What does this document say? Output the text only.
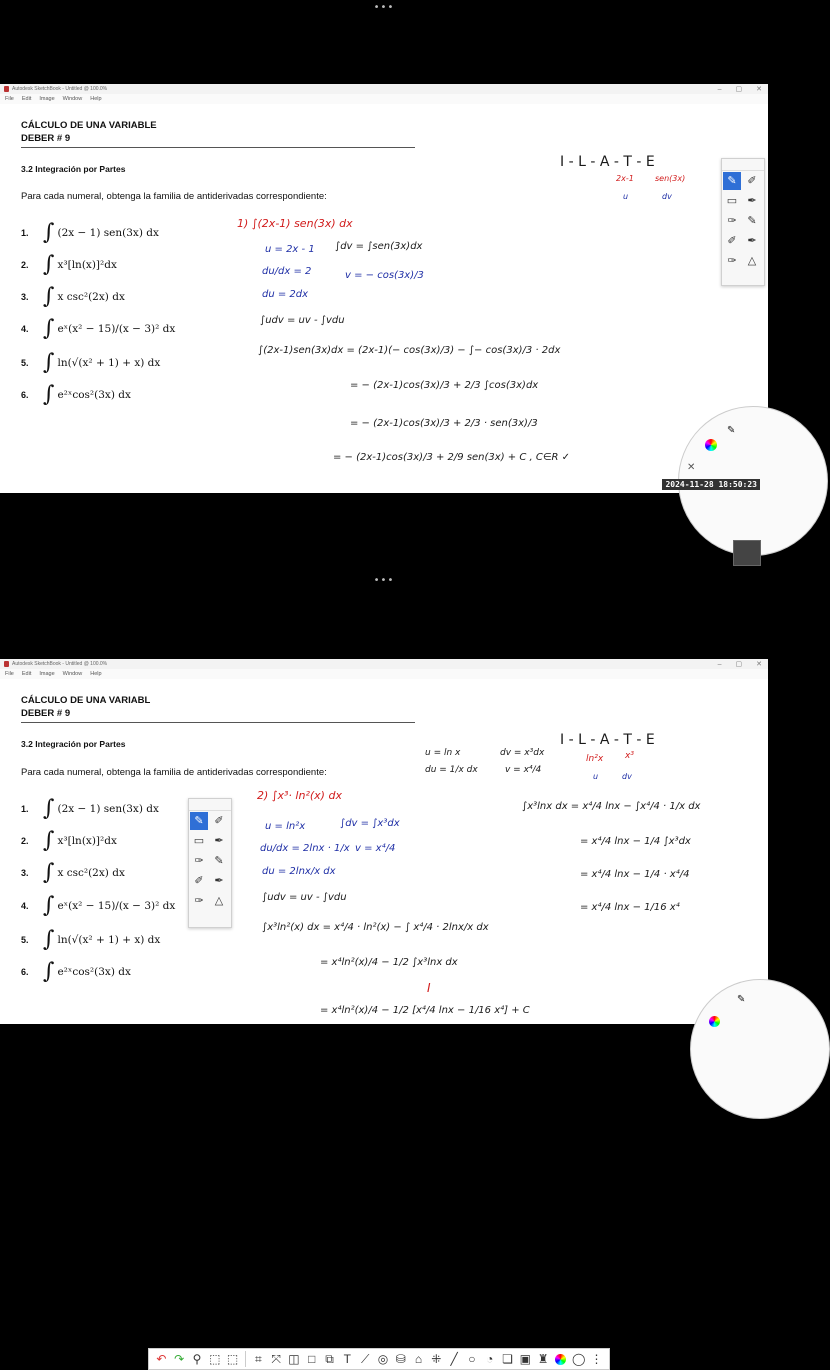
•••
Autodesk SketchBook - Untitled @ 100.0%	– ▢ ✕
File Edit Image Window Help
CÁLCULO DE UNA VARIABLE
DEBER # 9
3.2 Integración por Partes
Para cada numeral, obtenga la familia de antiderivadas correspondiente:
1. ∫ (2x − 1) sen(3x) dx
2. ∫ x³[ln(x)]²dx
3. ∫ x csc²(2x) dx
4. ∫ eˣ(x² − 15)/(x − 3)² dx
5. ∫ ln(√(x² + 1) + x) dx
6. ∫ e²ˣcos²(3x) dx
I - L - A - T - E
2x-1	sen(3x)
u	dv
1) ∫(2x-1) sen(3x) dx
u = 2x - 1 ∫dv = ∫sen(3x)dx
du/dx = 2	v = − cos(3x)/3
du = 2dx
∫udv = uv - ∫vdu
∫(2x-1)sen(3x)dx = (2x-1)(− cos(3x)/3) − ∫− cos(3x)/3 · 2dx
= − (2x-1)cos(3x)/3 + 2/3 ∫cos(3x)dx
= − (2x-1)cos(3x)/3 + 2/3 · sen(3x)/3
= − (2x-1)cos(3x)/3 + 2/9 sen(3x) + C , C∈R ✓
✎ ✐ ▭ ✒ ✑ ✎ ✐ ✒ ✑ △
✎
✕
2024-11-28 18:50:23
•••
Autodesk SketchBook - Untitled @ 100.0%	– ▢ ✕
File Edit Image Window Help
CÁLCULO DE UNA VARIABL
DEBER # 9
3.2 Integración por Partes
Para cada numeral, obtenga la familia de antiderivadas correspondiente:
1. ∫ (2x − 1) sen(3x) dx
2. ∫ x³[ln(x)]²dx
3. ∫ x csc²(2x) dx
4. ∫ eˣ(x² − 15)/(x − 3)² dx
5. ∫ ln(√(x² + 1) + x) dx
6. ∫ e²ˣcos²(3x) dx
↶ ↷ ⚲ ⬚ ⬚	⌗ ⤧ ◫ □ ⧉ T ⟋ ◎ ⛁ ⌂ ⁜ ╱ ○ ◔ ❏ ▣ ♜ ◯ ⋮
I - L - A - T - E
ln²x x³
u	dv
u = ln x
du = 1/x dx
dv = x³dx
v = x⁴/4
2) ∫x³· ln²(x) dx
u = ln²x	∫dv = ∫x³dx
du/dx = 2lnx · 1/x v = x⁴/4
du = 2lnx/x dx
∫udv = uv - ∫vdu
∫x³ln²(x) dx = x⁴/4 · ln²(x) − ∫ x⁴/4 · 2lnx/x dx
= x⁴ln²(x)/4 − 1/2 ∫x³lnx dx
I
= x⁴ln²(x)/4 − 1/2 [x⁴/4 lnx − 1/16 x⁴] + C
∫x³lnx dx = x⁴/4 lnx − ∫x⁴/4 · 1/x dx
= x⁴/4 lnx − 1/4 ∫x³dx
= x⁴/4 lnx − 1/4 · x⁴/4
= x⁴/4 lnx − 1/16 x⁴
✎ ✐ ▭ ✒ ✑ ✎ ✐ ✒ ✑ △
✎
